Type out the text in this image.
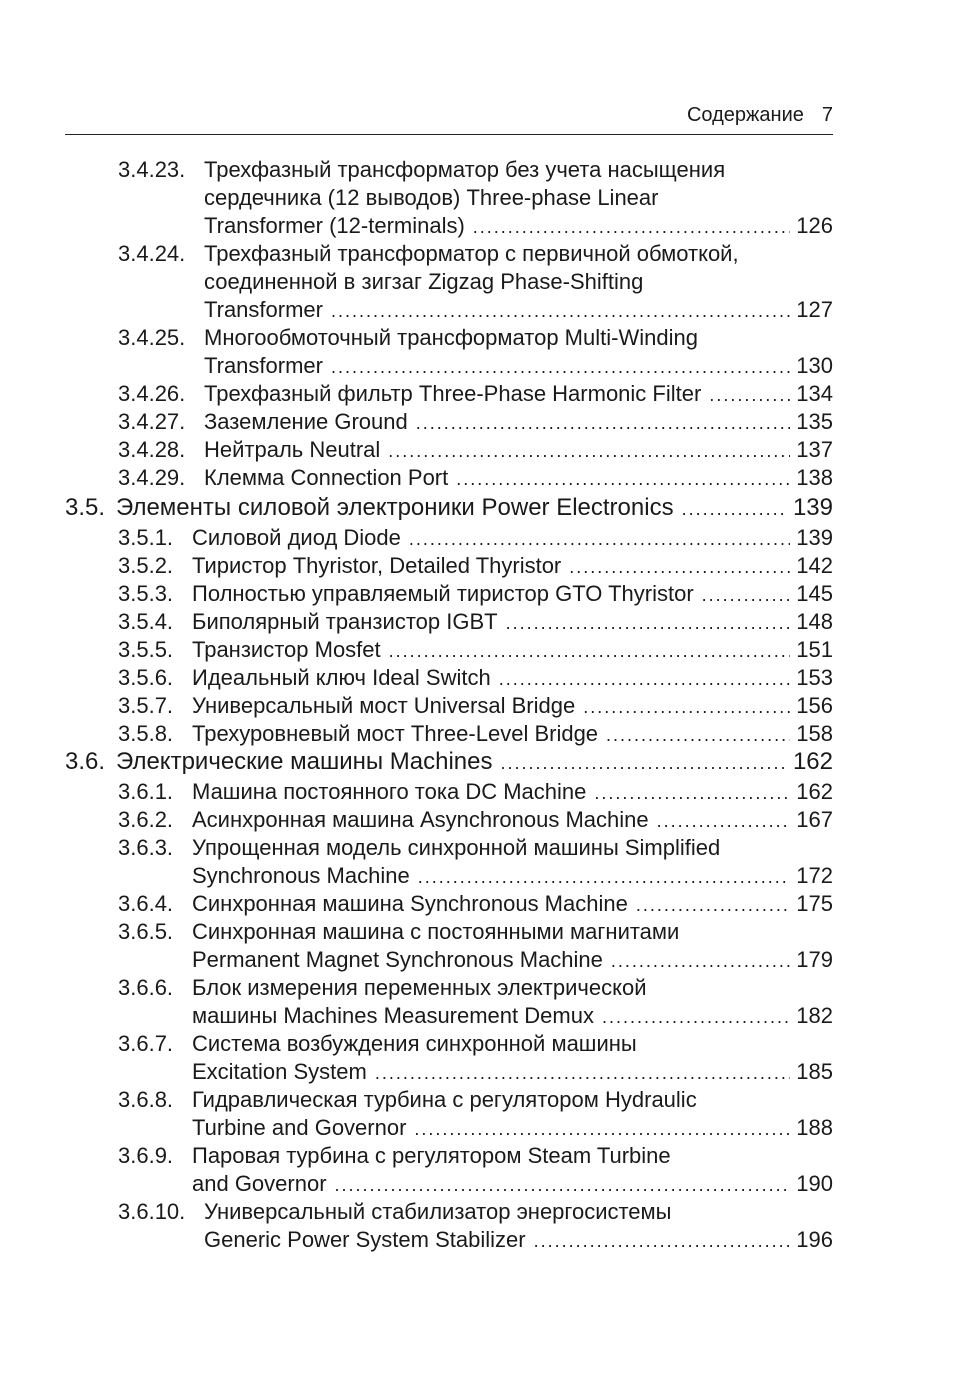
Содержание 7
3.4.23. Трехфазный трансформатор без учета насыщения
сердечника (12 выводов) Three-phase Linear
Transformer (12-terminals) .....	126
3.4.24. Трехфазный трансформатор с первичной обмоткой,
соединенной в зигзаг Zigzag Phase-Shifting
Transformer .....	127
3.4.25. Многообмоточный трансформатор Multi-Winding
Transformer .....	130
3.4.26. Трехфазный фильтр Three-Phase Harmonic Filter .....	134
3.4.27. Заземление Ground .....	135
3.4.28. Нейтраль Neutral .....	137
3.4.29. Клемма Connection Port .....	138
3.5. Элементы силовой электроники Power Electronics .....	139
3.5.1. Силовой диод Diode .....	139
3.5.2. Тиристор Thyristor, Detailed Thyristor .....	142
3.5.3. Полностью управляемый тиристор GTO Thyristor .....	145
3.5.4. Биполярный транзистор IGBT .....	148
3.5.5. Транзистор Mosfet .....	151
3.5.6. Идеальный ключ Ideal Switch .....	153
3.5.7. Универсальный мост Universal Bridge .....	156
3.5.8. Трехуровневый мост Three-Level Bridge .....	158
3.6. Электрические машины Machines .....	162
3.6.1. Машина постоянного тока DC Machine .....	162
3.6.2. Асинхронная машина Asynchronous Machine .....	167
3.6.3. Упрощенная модель синхронной машины Simplified
Synchronous Machine .....	172
3.6.4. Синхронная машина Synchronous Machine .....	175
3.6.5. Синхронная машина с постоянными магнитами
Permanent Magnet Synchronous Machine .....	179
3.6.6. Блок измерения переменных электрической
машины Machines Measurement Demux .....	182
3.6.7. Система возбуждения синхронной машины
Excitation System .....	185
3.6.8. Гидравлическая турбина с регулятором Hydraulic
Turbine and Governor .....	188
3.6.9. Паровая турбина с регулятором Steam Turbine
and Governor .....	190
3.6.10. Универсальный стабилизатор энергосистемы
Generic Power System Stabilizer .....	196
